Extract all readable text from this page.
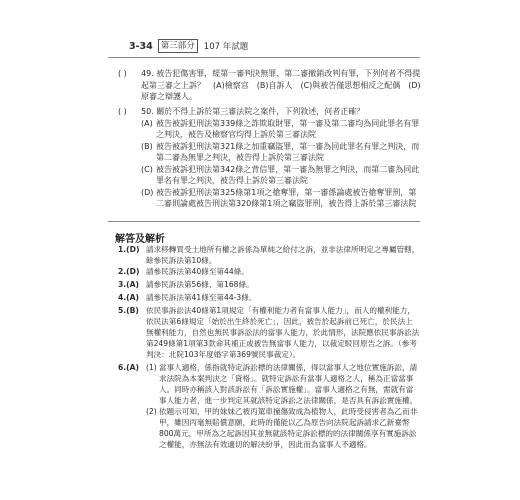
3-34 第三部分	107 年試題
( )	49. 被告犯傷害罪，經第一審判決無罪、第二審撤銷改判有罪，下列何者不得提起第三審之上訴？　(A)檢察官　(B)自訴人　(C)與被告僅思想相反之配偶　(D)原審之辯護人。
( )	50. 關於不得上訴於第三審法院之案件，下列敘述，何者正確？
(A) 被告被訴犯刑法第339條之詐欺取財罪，第一審及第二審均為同此罪名有罪之判決，被告及檢察官均得上訴於第三審法院
(B) 被告被訴犯刑法第321條之加重竊盜罪，第一審為同此罪名有罪之判決，而第二審為無罪之判決，被告得上訴於第三審法院
(C) 被告被訴犯刑法第342條之背信罪，第一審為無罪之判決，而第二審為同此罪名有罪之判決，被告得上訴於第三審法院
(D) 被告被訴犯刑法第325條第1項之搶奪罪，第一審係論處被告搶奪罪刑，第二審則論處被告刑法第320條第1項之竊盜罪刑，被告得上訴於第三審法院
解答及解析
1.(D) 請求移轉買受土地所有權之訴係為單純之給付之訴，並非法律所明定之專屬管轄，餘參民訴法第10條。
2.(D) 請參民訴法第40條至第44條。
3.(A) 請參民訴法第56條、第168條。
4.(A) 請參民訴法第41條至第44-3條。
5.(B) 依民事訴訟法40條第1項規定「有權利能力者有當事人能力」，而人的權利能力，依民法第6條規定「始於出生終於死亡」，因此，被告於起訴前已死亡，於民法上無權利能力，自然也無民事訴訟法的當事人能力，於此情形，法院應依民事訴訟法第249條第1項第3款命其補正或被告無當事人能力，以裁定駁回原告之訴。（參考判決：北院103年度婚字第369號民事裁定）。
6.(A) (1) 當事人適格，係指就特定訴訟標的法律關係，得以當事人之地位實施訴訟，請求法院為本案判決之「資格」。就特定訴訟有當事人適格之人，稱為正當當事人。同時亦稱該人對該訴訟有「訴訟實施權」。當事人適格之有無，需就有當事人能力者，進一步判定其就該特定訴訟之法律關係，是否具有訴訟實施權。
(2) 依題示可知，甲的妹妹乙被丙駕車撞傷致成為植物人，此時受侵害者為乙而非甲，雖因丙毫無賠償意願，此時的僅能以乙為原告向法院起訴請求乙新臺幣800萬元，甲所為之起訴因其並無就該特定訴訟標的的法律關係享有實施訴訟之權能，亦無法有效適切的解決紛爭，因此而為當事人不適格。
